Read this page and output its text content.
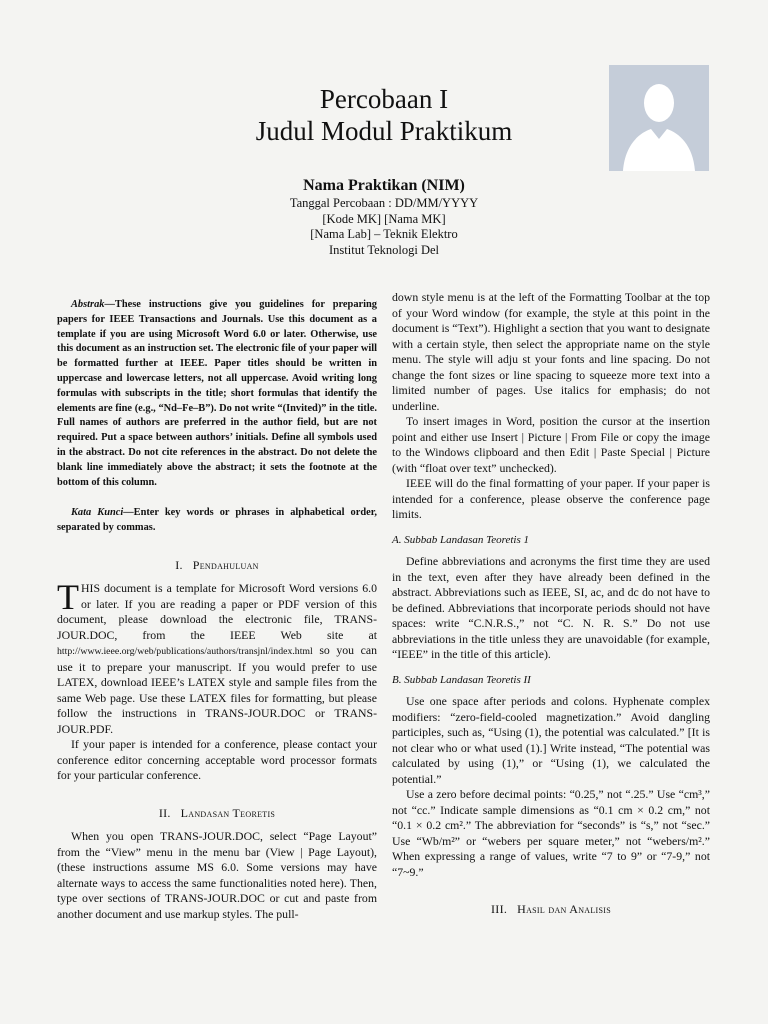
Percobaan I
Judul Modul Praktikum
Nama Praktikan (NIM)
Tanggal Percobaan : DD/MM/YYYY
[Kode MK] [Nama MK]
[Nama Lab] – Teknik Elektro
Institut Teknologi Del

Abstrak—These instructions give you guidelines for preparing papers for IEEE Transactions and Journals. Use this document as a template if you are using Microsoft Word 6.0 or later. Otherwise, use this document as an instruction set. The electronic file of your paper will be formatted further at IEEE. Paper titles should be written in uppercase and lowercase letters, not all uppercase. Avoid writing long formulas with subscripts in the title; short formulas that identify the elements are fine (e.g., “Nd–Fe–B”). Do not write “(Invited)” in the title. Full names of authors are preferred in the author field, but are not required. Put a space between authors’ initials. Define all symbols used in the abstract. Do not cite references in the abstract. Do not delete the blank line immediately above the abstract; it sets the footnote at the bottom of this column.

Kata Kunci—Enter key words or phrases in alphabetical order, separated by commas.

I. Pendahuluan

THIS document is a template for Microsoft Word versions 6.0 or later. If you are reading a paper or PDF version of this document, please download the electronic file, TRANS-JOUR.DOC, from the IEEE Web site at http://www.ieee.org/web/publications/authors/transjnl/index.html so you can use it to prepare your manuscript. If you would prefer to use LATEX, download IEEE’s LATEX style and sample files from the same Web page. Use these LATEX files for formatting, but please follow the instructions in TRANS-JOUR.DOC or TRANS-JOUR.PDF.

If your paper is intended for a conference, please contact your conference editor concerning acceptable word processor formats for your particular conference.

II. Landasan Teoretis

When you open TRANS-JOUR.DOC, select “Page Layout” from the “View” menu in the menu bar (View | Page Layout), (these instructions assume MS 6.0. Some versions may have alternate ways to access the same functionalities noted here). Then, type over sections of TRANS-JOUR.DOC or cut and paste from another document and use markup styles. The pull-

down style menu is at the left of the Formatting Toolbar at the top of your Word window (for example, the style at this point in the document is “Text”). Highlight a section that you want to designate with a certain style, then select the appropriate name on the style menu. The style will adju st your fonts and line spacing. Do not change the font sizes or line spacing to squeeze more text into a limited number of pages. Use italics for emphasis; do not underline.

To insert images in Word, position the cursor at the insertion point and either use Insert | Picture | From File or copy the image to the Windows clipboard and then Edit | Paste Special | Picture (with “float over text” unchecked).

IEEE will do the final formatting of your paper. If your paper is intended for a conference, please observe the conference page limits.

A. Subbab Landasan Teoretis 1

Define abbreviations and acronyms the first time they are used in the text, even after they have already been defined in the abstract. Abbreviations such as IEEE, SI, ac, and dc do not have to be defined. Abbreviations that incorporate periods should not have spaces: write “C.N.R.S.,” not “C. N. R. S.” Do not use abbreviations in the title unless they are unavoidable (for example, “IEEE” in the title of this article).

B. Subbab Landasan Teoretis II

Use one space after periods and colons. Hyphenate complex modifiers: “zero-field-cooled magnetization.” Avoid dangling participles, such as, “Using (1), the potential was calculated.” [It is not clear who or what used (1).] Write instead, “The potential was calculated by using (1),” or “Using (1), we calculated the potential.”

Use a zero before decimal points: “0.25,” not “.25.” Use “cm³,” not “cc.” Indicate sample dimensions as “0.1 cm × 0.2 cm,” not “0.1 × 0.2 cm².” The abbreviation for “seconds” is “s,” not “sec.” Use “Wb/m²” or “webers per square meter,” not “webers/m².” When expressing a range of values, write “7 to 9” or “7-9,” not “7~9.”

III. Hasil dan Analisis
